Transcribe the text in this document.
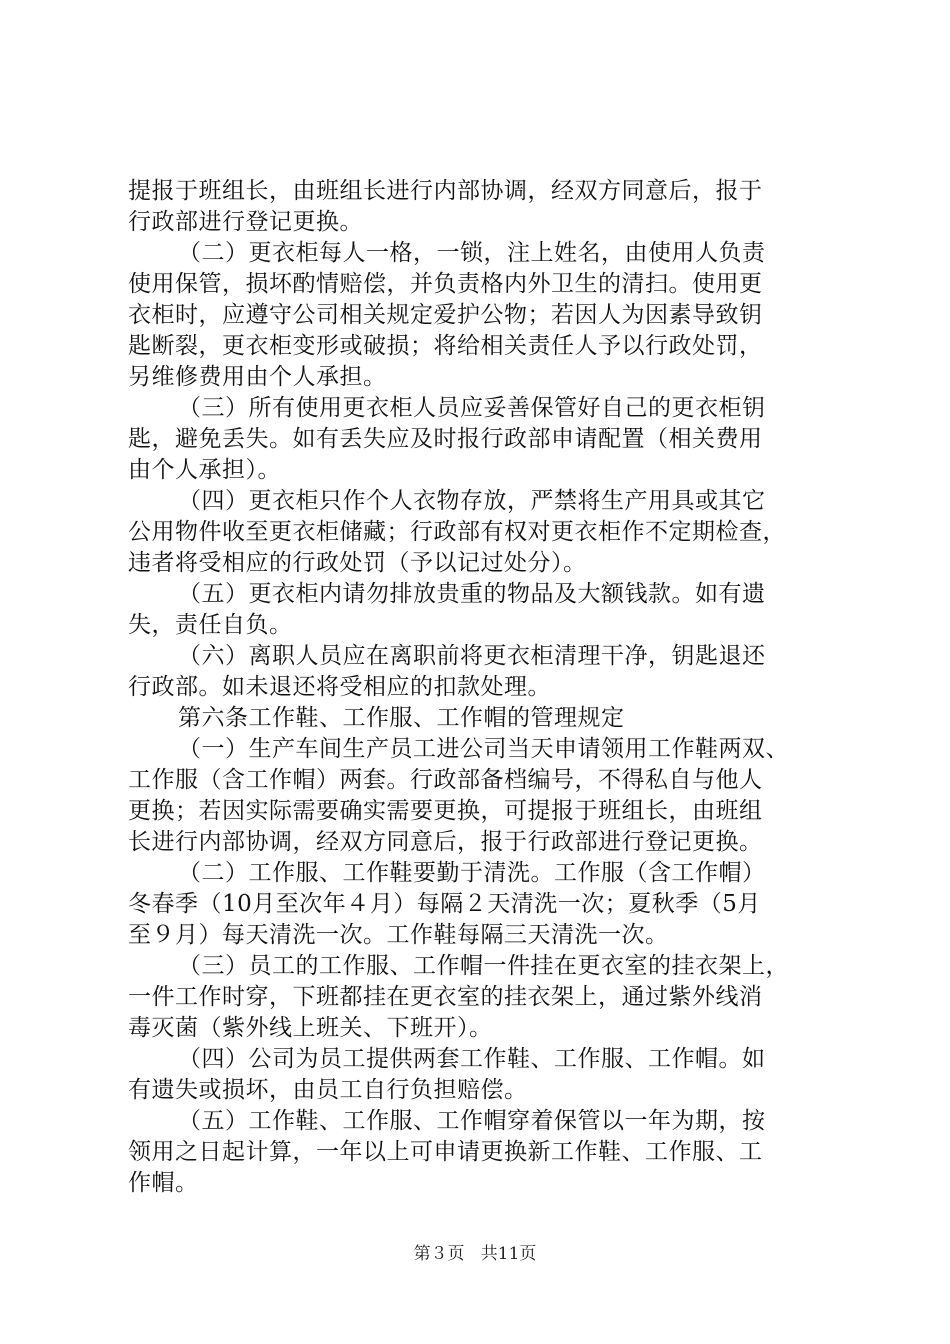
提报于班组长，由班组长进行内部协调，经双方同意后，报于
行政部进行登记更换。
（二）更衣柜每人一格，一锁，注上姓名，由使用人负责
使用保管，损坏酌情赔偿，并负责格内外卫生的清扫。使用更
衣柜时，应遵守公司相关规定爱护公物；若因人为因素导致钥
匙断裂，更衣柜变形或破损；将给相关责任人予以行政处罚，
另维修费用由个人承担。
（三）所有使用更衣柜人员应妥善保管好自己的更衣柜钥
匙，避免丢失。如有丢失应及时报行政部申请配置（相关费用
由个人承担）。
（四）更衣柜只作个人衣物存放，严禁将生产用具或其它
公用物件收至更衣柜储藏；行政部有权对更衣柜作不定期检查，
违者将受相应的行政处罚（予以记过处分）。
（五）更衣柜内请勿排放贵重的物品及大额钱款。如有遗
失，责任自负。
（六）离职人员应在离职前将更衣柜清理干净，钥匙退还
行政部。如未退还将受相应的扣款处理。
第六条工作鞋、工作服、工作帽的管理规定
（一）生产车间生产员工进公司当天申请领用工作鞋两双、
工作服（含工作帽）两套。行政部备档编号，不得私自与他人
更换；若因实际需要确实需要更换，可提报于班组长，由班组
长进行内部协调，经双方同意后，报于行政部进行登记更换。
（二）工作服、工作鞋要勤于清洗。工作服（含工作帽）
冬春季（10月至次年４月）每隔２天清洗一次；夏秋季（5月
至９月）每天清洗一次。工作鞋每隔三天清洗一次。
（三）员工的工作服、工作帽一件挂在更衣室的挂衣架上，
一件工作时穿，下班都挂在更衣室的挂衣架上，通过紫外线消
毒灭菌（紫外线上班关、下班开）。
（四）公司为员工提供两套工作鞋、工作服、工作帽。如
有遗失或损坏，由员工自行负担赔偿。
（五）工作鞋、工作服、工作帽穿着保管以一年为期，按
领用之日起计算，一年以上可申请更换新工作鞋、工作服、工
作帽。
第３页 共11页
